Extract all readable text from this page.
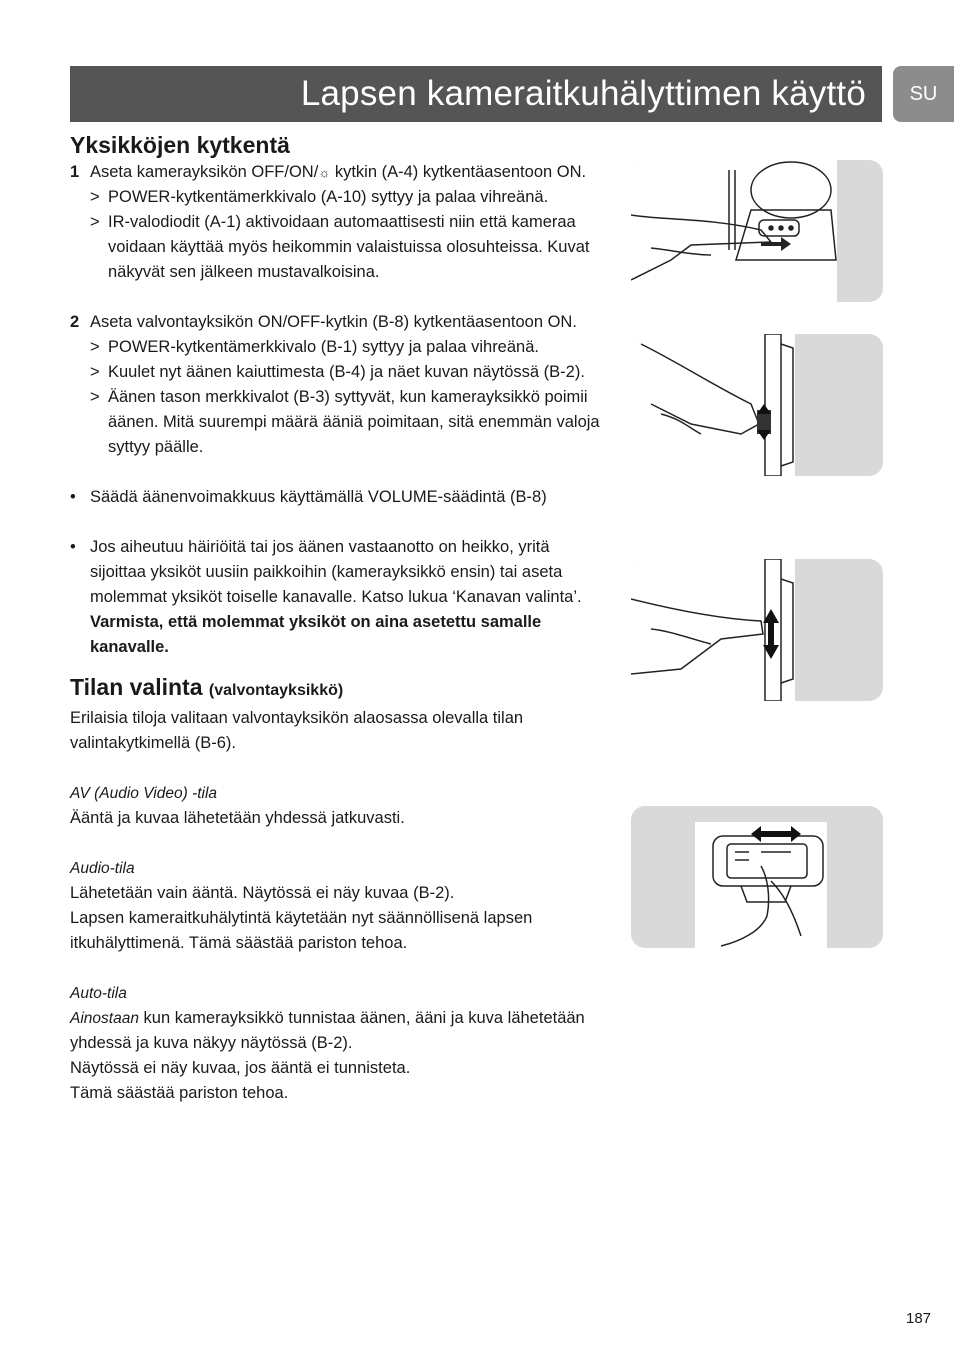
Lapsen kameraitkuhälyttimen käyttö SU
Yksikköjen kytkentä
1 Aseta kamerayksikön OFF/ON/☼ kytkin (A-4) kytkentäasentoon ON.
> POWER-kytkentämerkkivalo (A-10) syttyy ja palaa vihreänä.
> IR-valodiodit (A-1) aktivoidaan automaattisesti niin että kameraa voidaan käyttää myös heikommin valaistuissa olosuhteissa. Kuvat näkyvät sen jälkeen mustavalkoisina.
2 Aseta valvontayksikön ON/OFF-kytkin (B-8) kytkentäasentoon ON.
> POWER-kytkentämerkkivalo (B-1) syttyy ja palaa vihreänä.
> Kuulet nyt äänen kaiuttimesta (B-4) ja näet kuvan näytössä (B-2).
> Äänen tason merkkivalot (B-3) syttyvät, kun kamerayksikkö poimii äänen. Mitä suurempi määrä ääniä poimitaan, sitä enemmän valoja syttyy päälle.
• Säädä äänenvoimakkuus käyttämällä VOLUME-säädintä (B-8)
• Jos aiheutuu häiriöitä tai jos äänen vastaanotto on heikko, yritä sijoittaa yksiköt uusiin paikkoihin (kamerayksikkö ensin) tai aseta molemmat yksiköt toiselle kanavalle. Katso lukua ‘Kanavan valinta’.
Varmista, että molemmat yksiköt on aina asetettu samalle kanavalle.
Tilan valinta (valvontayksikkö)

Erilaisia tiloja valitaan valvontayksikön alaosassa olevalla tilan valintakytkimellä (B-6).

AV (Audio Video) -tila

Ääntä ja kuvaa lähetetään yhdessä jatkuvasti.

Audio-tila

Lähetetään vain ääntä. Näytössä ei näy kuvaa (B-2).

Lapsen kameraitkuhälytintä käytetään nyt säännöllisenä lapsen itkuhälyttimenä. Tämä säästää pariston tehoa.

Auto-tila

Ainostaan kun kamerayksikkö tunnistaa äänen, ääni ja kuva lähetetään yhdessä ja kuva näkyy näytössä (B-2).

Näytössä ei näy kuvaa, jos ääntä ei tunnisteta.

Tämä säästää pariston tehoa.

187
